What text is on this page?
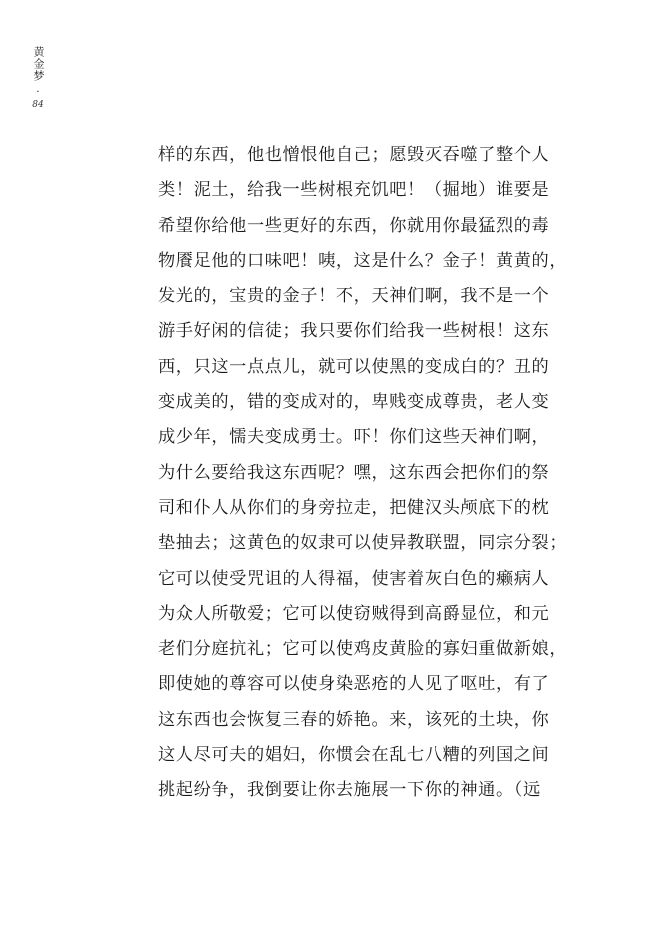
黄金梦
·
84
样的东西，他也憎恨他自己；愿毁灭吞噬了整个人
类！泥土，给我一些树根充饥吧！（掘地）谁要是
希望你给他一些更好的东西，你就用你最猛烈的毒
物餍足他的口味吧！咦，这是什么？金子！黄黄的，
发光的，宝贵的金子！不，天神们啊，我不是一个
游手好闲的信徒；我只要你们给我一些树根！这东
西，只这一点点儿，就可以使黑的变成白的？丑的
变成美的，错的变成对的，卑贱变成尊贵，老人变
成少年，懦夫变成勇士。吓！你们这些天神们啊，
为什么要给我这东西呢？嘿，这东西会把你们的祭
司和仆人从你们的身旁拉走，把健汉头颅底下的枕
垫抽去；这黄色的奴隶可以使异教联盟，同宗分裂；
它可以使受咒诅的人得福，使害着灰白色的癞病人
为众人所敬爱；它可以使窃贼得到高爵显位，和元
老们分庭抗礼；它可以使鸡皮黄脸的寡妇重做新娘，
即使她的尊容可以使身染恶疮的人见了呕吐，有了
这东西也会恢复三春的娇艳。来，该死的土块，你
这人尽可夫的娼妇，你惯会在乱七八糟的列国之间
挑起纷争，我倒要让你去施展一下你的神通。（远
